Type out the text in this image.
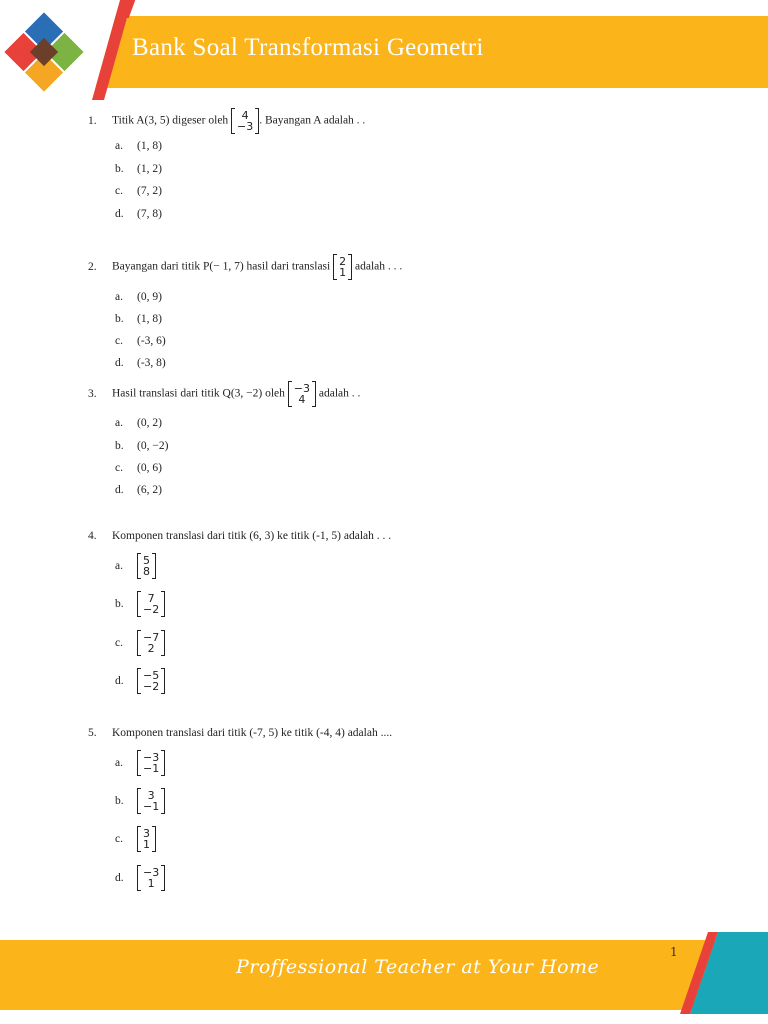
Bank Soal Transformasi Geometri
1. Titik A(3, 5) digeser oleh 4
−3 . Bayangan A adalah . .
a. (1, 8)
b. (1, 2)
c. (7, 2)
d. (7, 8)
2. Bayangan dari titik P(− 1, 7) hasil dari translasi 2
1 adalah . . .
a. (0, 9)
b. (1, 8)
c. (-3, 6)
d. (-3, 8)
3. Hasil translasi dari titik Q(3, −2) oleh −3
4 adalah . .
a. (0, 2)
b. (0, −2)
c. (0, 6)
d. (6, 2)
4. Komponen translasi dari titik (6, 3) ke titik (-1, 5) adalah . . .
a. 5
8
b. 7
−2
c. −7
2
d. −5
−2
5. Komponen translasi dari titik (-7, 5) ke titik (-4, 4) adalah ....
a. −3
−1
b. 3
−1
c. 3
1
d. −3
1
Proffessional Teacher at Your Home
1
